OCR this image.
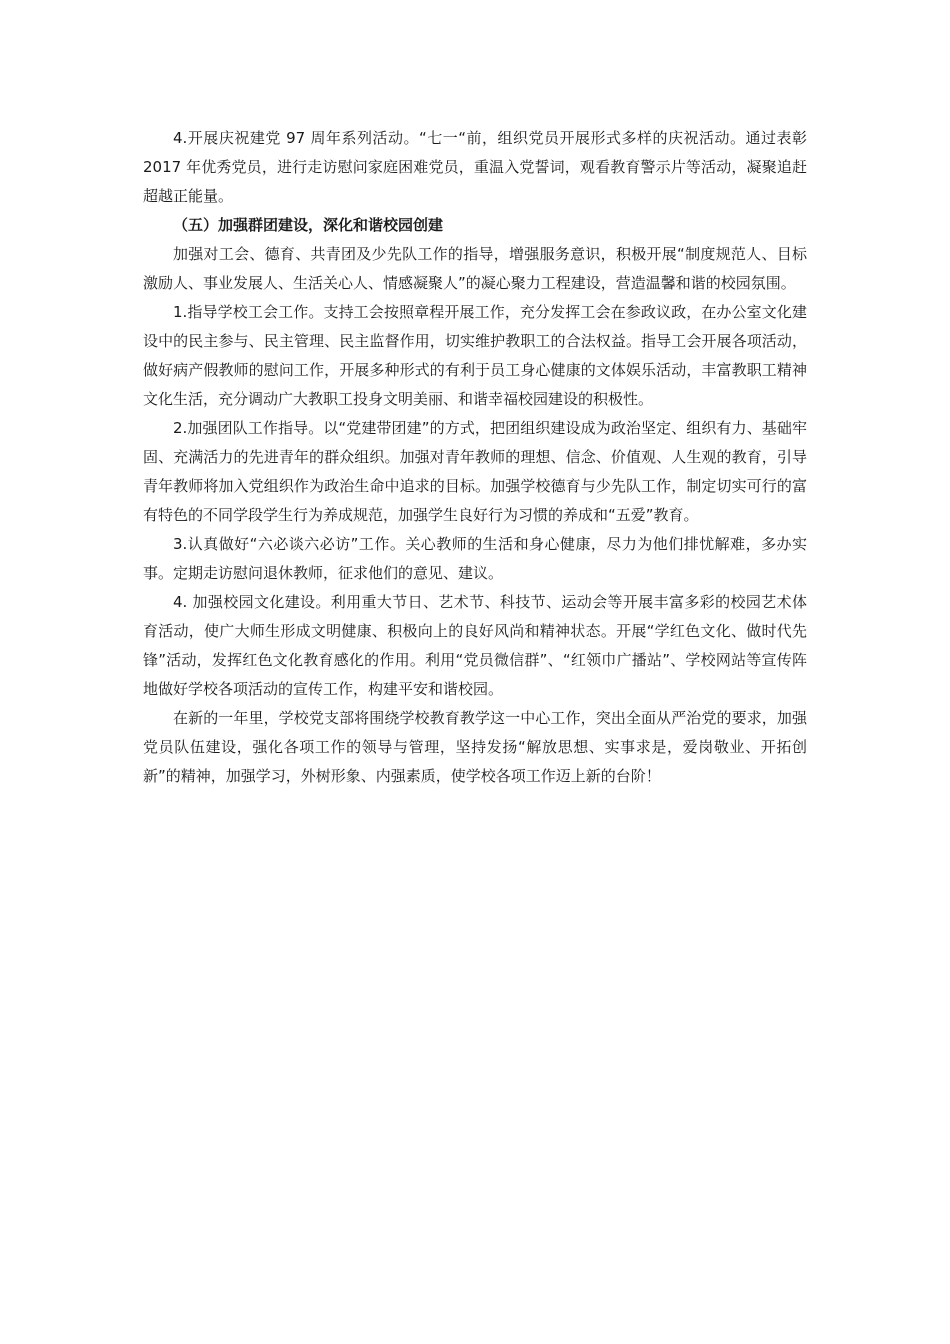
4.开展庆祝建党 97 周年系列活动。“七一“前，组织党员开展形式多样的庆祝活动。通过表彰 2017 年优秀党员，进行走访慰问家庭困难党员，重温入党誓词，观看教育警示片等活动，凝聚追赶超越正能量。

（五）加强群团建设，深化和谐校园创建

加强对工会、德育、共青团及少先队工作的指导，增强服务意识，积极开展“制度规范人、目标激励人、事业发展人、生活关心人、情感凝聚人”的凝心聚力工程建设，营造温馨和谐的校园氛围。

1.指导学校工会工作。支持工会按照章程开展工作，充分发挥工会在参政议政，在办公室文化建设中的民主参与、民主管理、民主监督作用，切实维护教职工的合法权益。指导工会开展各项活动，做好病产假教师的慰问工作，开展多种形式的有利于员工身心健康的文体娱乐活动，丰富教职工精神文化生活，充分调动广大教职工投身文明美丽、和谐幸福校园建设的积极性。

2.加强团队工作指导。以“党建带团建”的方式，把团组织建设成为政治坚定、组织有力、基础牢固、充满活力的先进青年的群众组织。加强对青年教师的理想、信念、价值观、人生观的教育，引导青年教师将加入党组织作为政治生命中追求的目标。加强学校德育与少先队工作，制定切实可行的富有特色的不同学段学生行为养成规范，加强学生良好行为习惯的养成和“五爱”教育。

3.认真做好“六必谈六必访”工作。关心教师的生活和身心健康，尽力为他们排忧解难，多办实事。定期走访慰问退休教师，征求他们的意见、建议。

4. 加强校园文化建设。利用重大节日、艺术节、科技节、运动会等开展丰富多彩的校园艺术体育活动，使广大师生形成文明健康、积极向上的良好风尚和精神状态。开展“学红色文化、做时代先锋”活动，发挥红色文化教育感化的作用。利用“党员微信群”、“红领巾广播站”、学校网站等宣传阵地做好学校各项活动的宣传工作，构建平安和谐校园。

在新的一年里，学校党支部将围绕学校教育教学这一中心工作，突出全面从严治党的要求，加强党员队伍建设，强化各项工作的领导与管理，坚持发扬“解放思想、实事求是，爱岗敬业、开拓创新”的精神，加强学习，外树形象、内强素质，使学校各项工作迈上新的台阶！
